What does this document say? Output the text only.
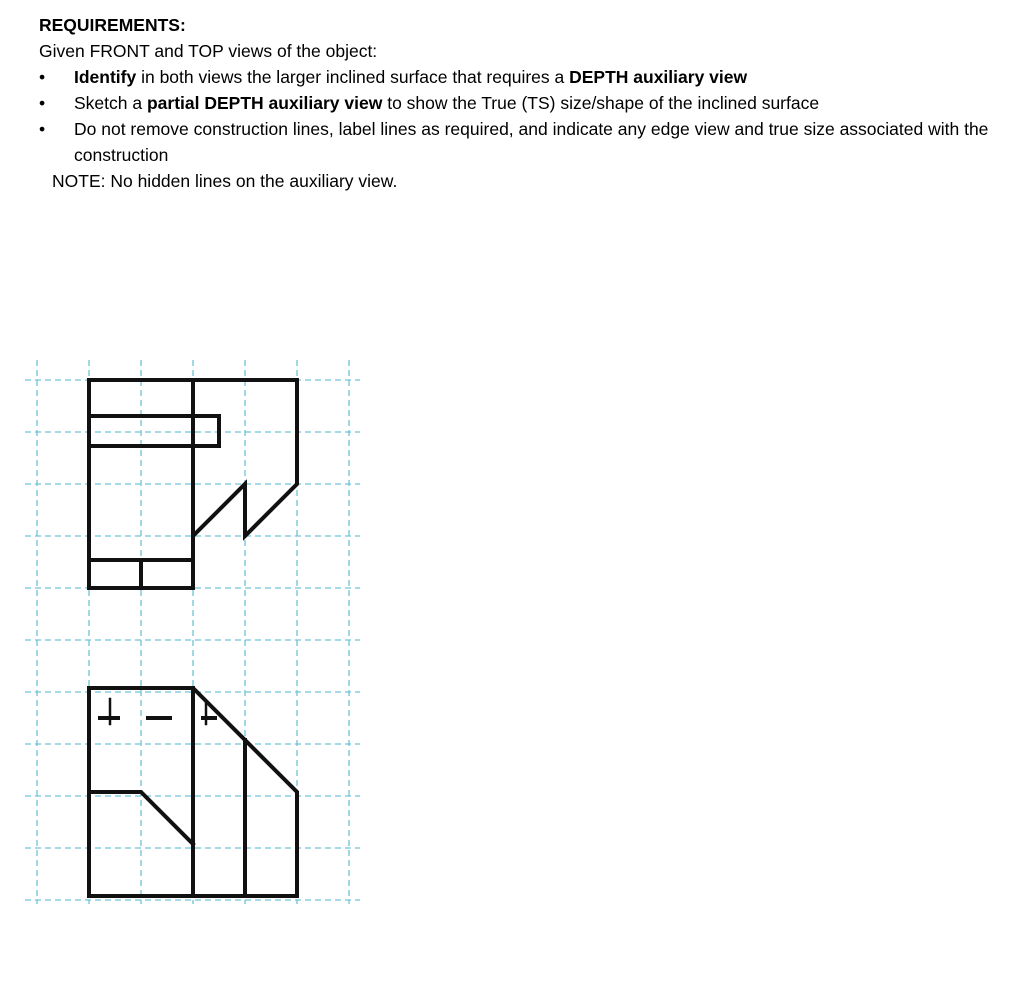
REQUIREMENTS:

Given FRONT and TOP views of the object:

•	Identify in both views the larger inclined surface that requires a DEPTH auxiliary view
•	Sketch a partial DEPTH auxiliary view to show the True (TS) size/shape of the inclined surface
•	Do not remove construction lines, label lines as required, and indicate any edge view and true size associated with the construction

NOTE: No hidden lines on the auxiliary view.
